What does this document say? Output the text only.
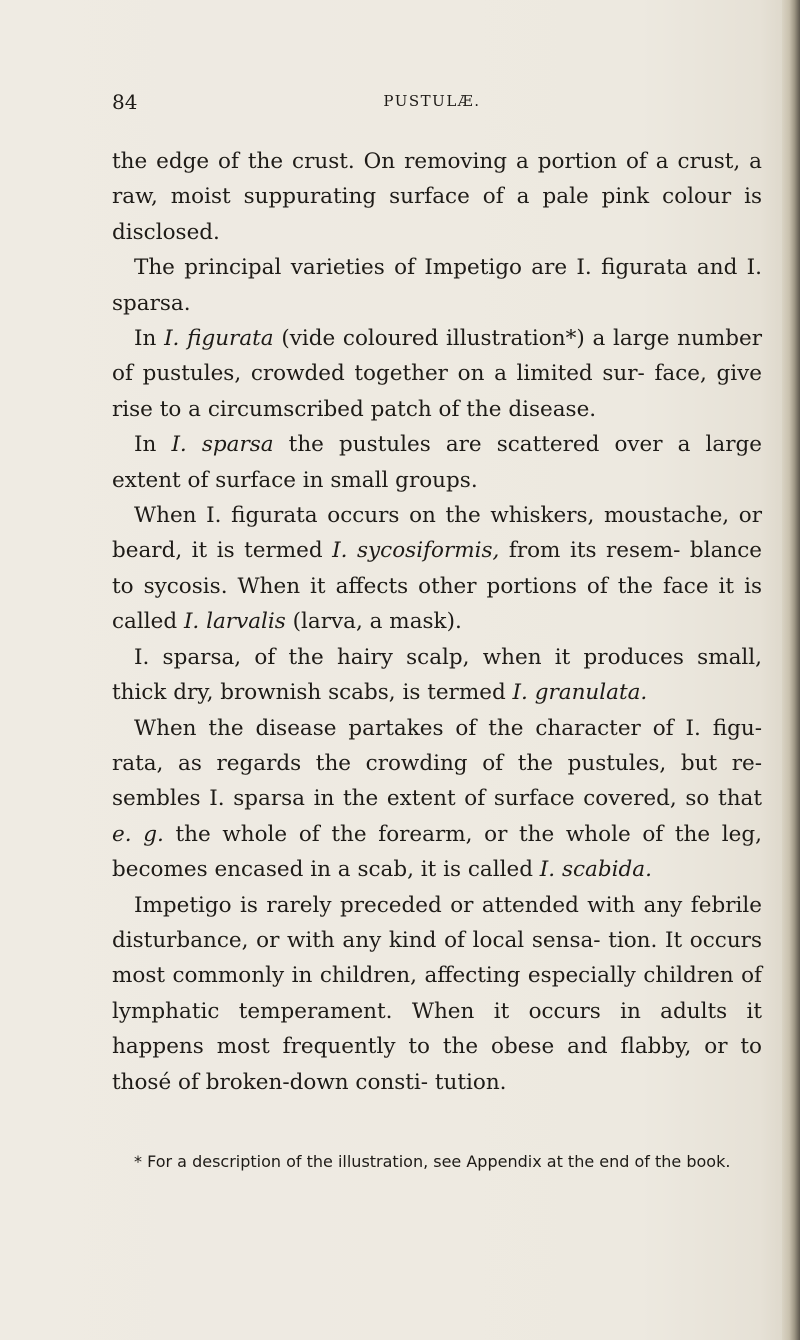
84	PUSTULÆ.

the edge of the crust. On removing a portion of a crust, a raw, moist suppurating surface of a pale pink colour is disclosed.

The principal varieties of Impetigo are I. figurata and I. sparsa.

In I. figurata (vide coloured illustration*) a large number of pustules, crowded together on a limited sur- face, give rise to a circumscribed patch of the disease.

In I. sparsa the pustules are scattered over a large extent of surface in small groups.

When I. figurata occurs on the whiskers, moustache, or beard, it is termed I. sycosiformis, from its resem- blance to sycosis. When it affects other portions of the face it is called I. larvalis (larva, a mask).

I. sparsa, of the hairy scalp, when it produces small, thick dry, brownish scabs, is termed I. granulata.

When the disease partakes of the character of I. figu- rata, as regards the crowding of the pustules, but re- sembles I. sparsa in the extent of surface covered, so that e. g. the whole of the forearm, or the whole of the leg, becomes encased in a scab, it is called I. scabida.

Impetigo is rarely preceded or attended with any febrile disturbance, or with any kind of local sensa- tion. It occurs most commonly in children, affecting especially children of lymphatic temperament. When it occurs in adults it happens most frequently to the obese and flabby, or to thosé of broken-down consti- tution.

* For a description of the illustration, see Appendix at the end of the book.
